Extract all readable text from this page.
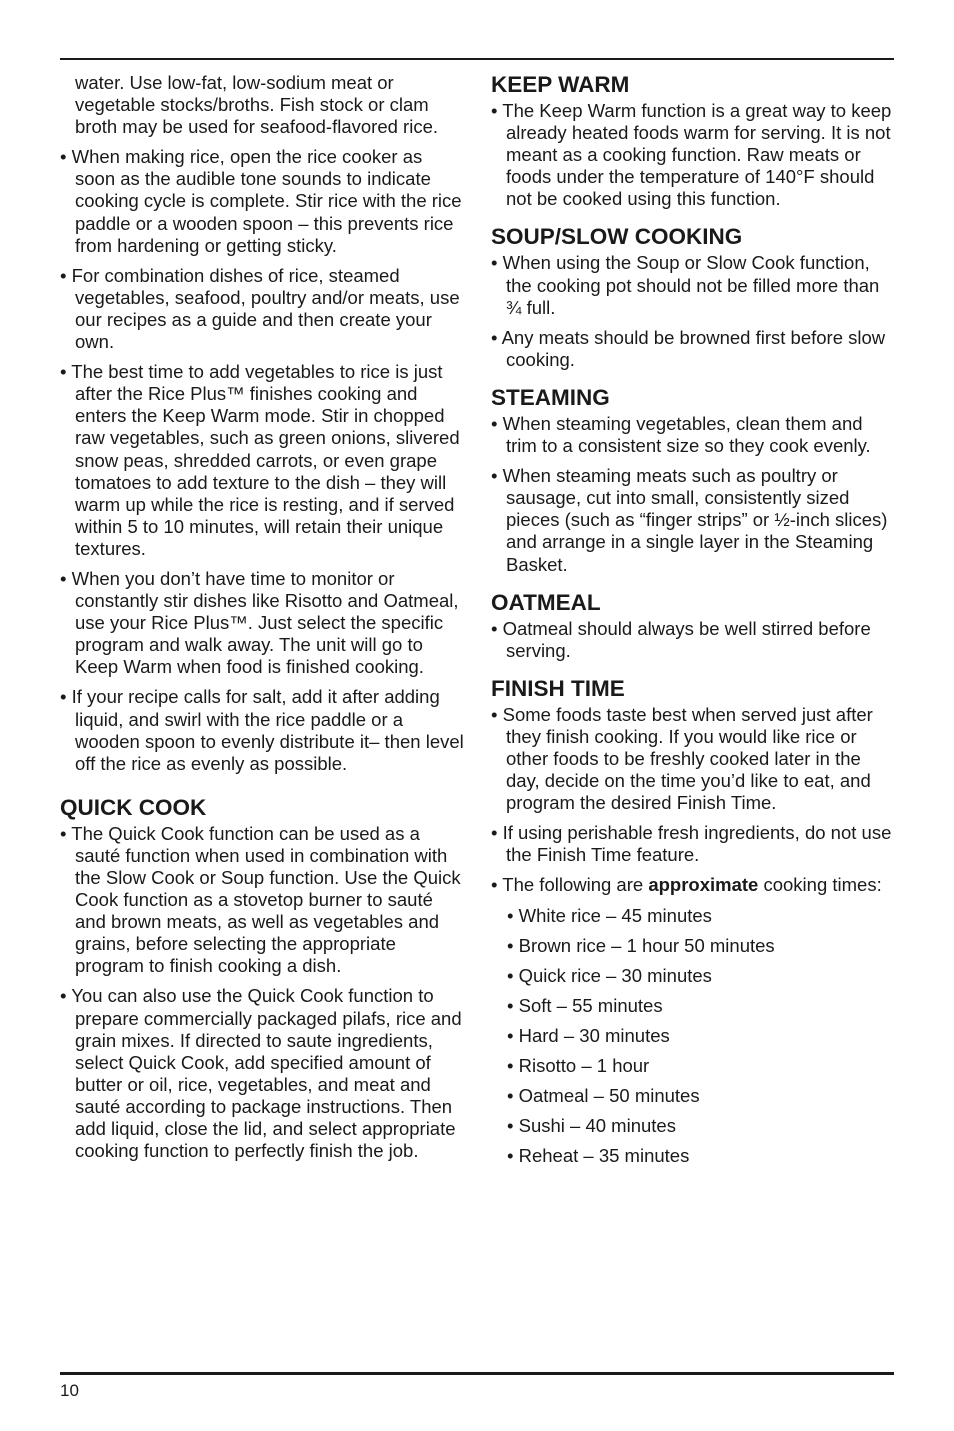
water. Use low-fat, low-sodium meat or vegetable stocks/broths. Fish stock or clam broth may be used for seafood-flavored rice.

• When making rice, open the rice cooker as soon as the audible tone sounds to indicate cooking cycle is complete. Stir rice with the rice paddle or a wooden spoon – this prevents rice from hardening or getting sticky.

• For combination dishes of rice, steamed vegetables, seafood, poultry and/or meats, use our recipes as a guide and then create your own.

• The best time to add vegetables to rice is just after the Rice Plus™ finishes cooking and enters the Keep Warm mode. Stir in chopped raw vegetables, such as green onions, slivered snow peas, shredded carrots, or even grape tomatoes to add texture to the dish – they will warm up while the rice is resting, and if served within 5 to 10 minutes, will retain their unique textures.

• When you don’t have time to monitor or constantly stir dishes like Risotto and Oatmeal, use your Rice Plus™. Just select the specific program and walk away. The unit will go to Keep Warm when food is finished cooking.

• If your recipe calls for salt, add it after adding liquid, and swirl with the rice paddle or a wooden spoon to evenly distribute it– then level off the rice as evenly as possible.

QUICK COOK

• The Quick Cook function can be used as a sauté function when used in combination with the Slow Cook or Soup function. Use the Quick Cook function as a stovetop burner to sauté and brown meats, as well as vegetables and grains, before selecting the appropriate program to finish cooking a dish.

• You can also use the Quick Cook function to prepare commercially packaged pilafs, rice and grain mixes. If directed to saute ingredients, select Quick Cook, add specified amount of butter or oil, rice, vegetables, and meat and sauté according to package instructions. Then add liquid, close the lid, and select appropriate cooking function to perfectly finish the job.

KEEP WARM

• The Keep Warm function is a great way to keep already heated foods warm for serving. It is not meant as a cooking function. Raw meats or foods under the temperature of 140°F should not be cooked using this function.

SOUP/SLOW COOKING

• When using the Soup or Slow Cook function, the cooking pot should not be filled more than ¾ full.

• Any meats should be browned first before slow cooking.

STEAMING

• When steaming vegetables, clean them and trim to a consistent size so they cook evenly.

• When steaming meats such as poultry or sausage, cut into small, consistently sized pieces (such as “finger strips” or ½-inch slices) and arrange in a single layer in the Steaming Basket.

OATMEAL

• Oatmeal should always be well stirred before serving.

FINISH TIME

• Some foods taste best when served just after they finish cooking. If you would like rice or other foods to be freshly cooked later in the day, decide on the time you’d like to eat, and program the desired Finish Time.

• If using perishable fresh ingredients, do not use the Finish Time feature.

• The following are approximate cooking times:

• White rice – 45 minutes

• Brown rice – 1 hour 50 minutes

• Quick rice – 30 minutes

• Soft – 55 minutes

• Hard – 30 minutes

• Risotto – 1 hour

• Oatmeal – 50 minutes

• Sushi – 40 minutes

• Reheat – 35 minutes

10
